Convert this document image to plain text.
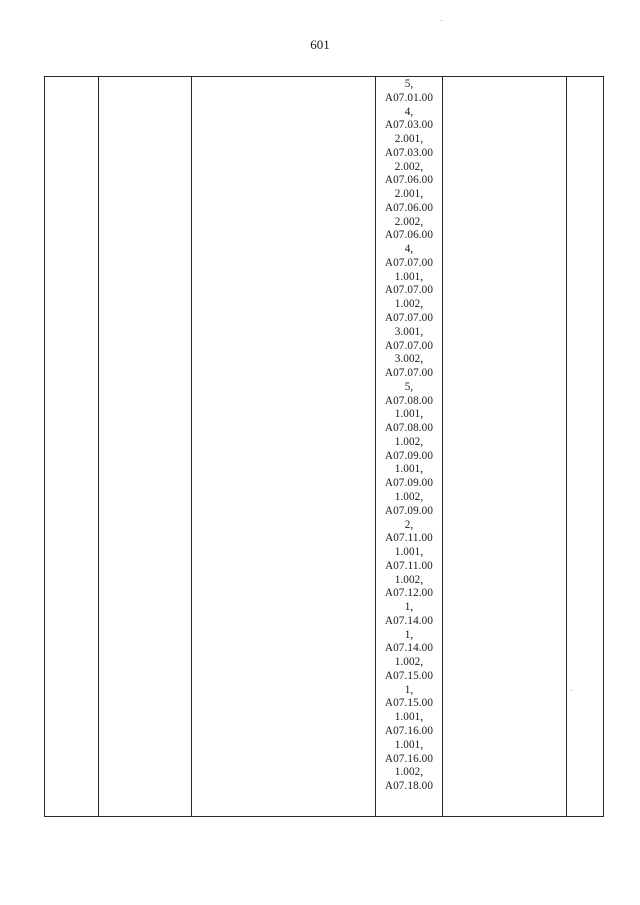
601

5,
A07.01.00
4,
A07.03.00
2.001,
A07.03.00
2.002,
A07.06.00
2.001,
A07.06.00
2.002,
A07.06.00
4,
A07.07.00
1.001,
A07.07.00
1.002,
A07.07.00
3.001,
A07.07.00
3.002,
A07.07.00
5,
A07.08.00
1.001,
A07.08.00
1.002,
A07.09.00
1.001,
A07.09.00
1.002,
A07.09.00
2,
A07.11.00
1.001,
A07.11.00
1.002,
A07.12.00
1,
A07.14.00
1,
A07.14.00
1.002,
A07.15.00
1,
A07.15.00
1.001,
A07.16.00
1.001,
A07.16.00
1.002,
A07.18.00
